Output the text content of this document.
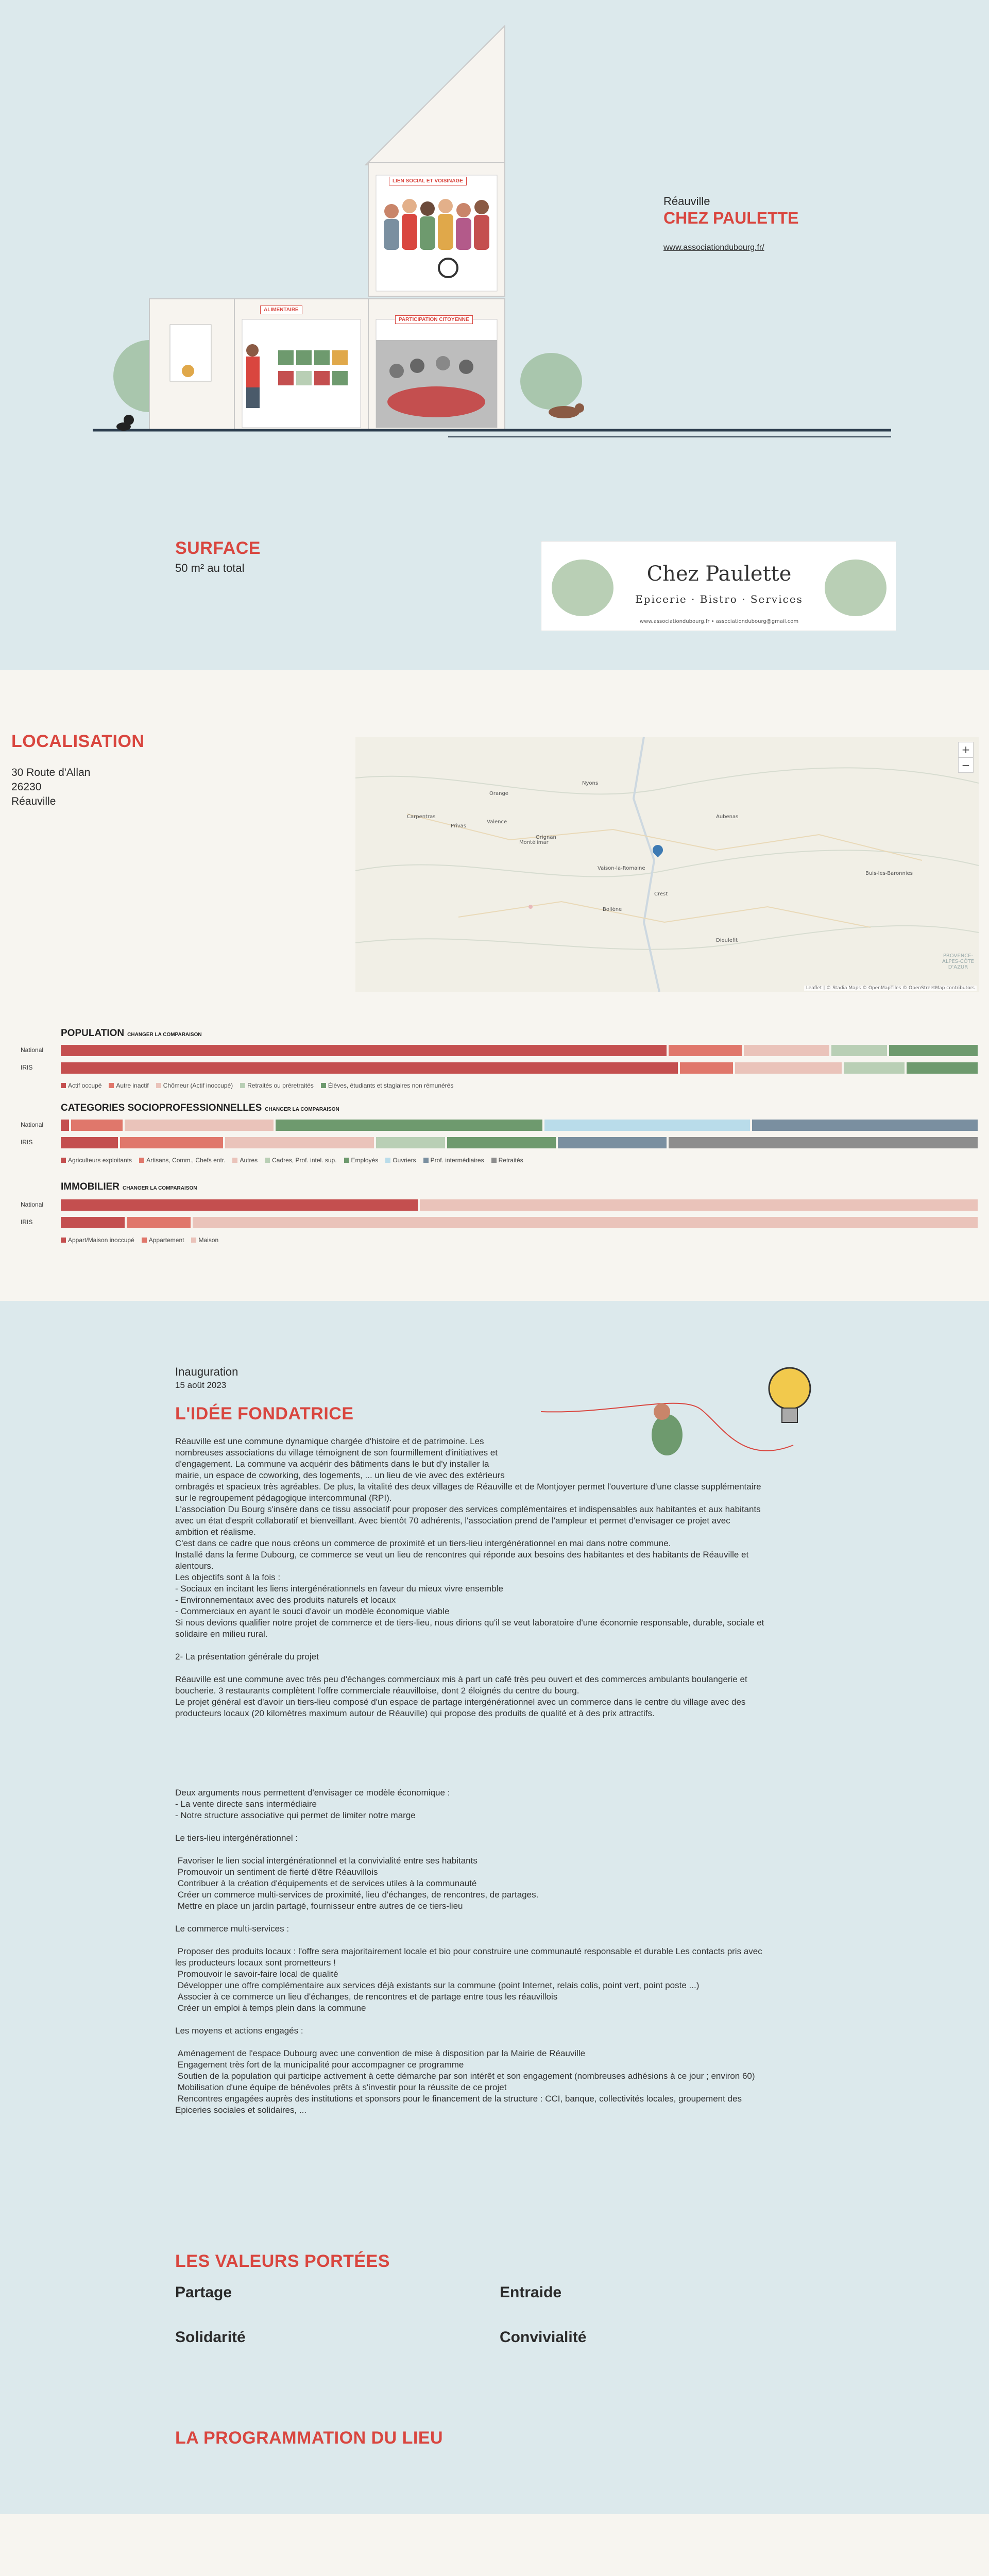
LIEN SOCIAL ET VOISINAGE
ALIMENTAIRE
PARTICIPATION CITOYENNE
Réauville
CHEZ PAULETTE
www.associationdubourg.fr/
SURFACE
50 m² au total	Chez Paulette
Epicerie · Bistro · Services
www.associationdubourg.fr • associationdubourg@gmail.com
LOCALISATION
30 Route d'Allan
26230
Réauville
PROVENCE-ALPES-CÔTE D'AZUR
+
−
Leaflet | © Stadia Maps © OpenMapTiles © OpenStreetMap contributors
Privas
Valence
Montélimar
Grignan
Nyons
Orange
Carpentras	Aubenas
Bollène
Vaison-la-Romaine
Crest
Dieulefit
Buis-les-Baronnies
POPULATION CHANGER LA COMPARAISON
National
IRIS
Actif occupé	Autre inactif	Chômeur (Actif inoccupé)	Retraités ou préretraités	Élèves, étudiants et stagiaires non rémunérés
CATEGORIES SOCIOPROFESSIONNELLES CHANGER LA COMPARAISON
National
IRIS
Agriculteurs exploitants	Artisans, Comm., Chefs entr.	Autres	Cadres, Prof. intel. sup.	Employés	Ouvriers	Prof. intermédiaires	Retraités
IMMOBILIER CHANGER LA COMPARAISON
National
IRIS
Appart/Maison inoccupé	Appartement	Maison
Inauguration
15 août 2023
L'IDÉE FONDATRICE

Réauville est une commune dynamique chargée d'histoire et de patrimoine. Les

nombreuses associations du village témoignent de son fourmillement d'initiatives et

d'engagement. La commune va acquérir des bâtiments dans le but d'y installer la

mairie, un espace de coworking, des logements, ... un lieu de vie avec des extérieurs

ombragés et spacieux très agréables. De plus, la vitalité des deux villages de Réauville et de Montjoyer permet l'ouverture d'une classe supplémentaire

sur le regroupement pédagogique intercommunal (RPI).

L'association Du Bourg s'insère dans ce tissu associatif pour proposer des services complémentaires et indispensables aux habitantes et aux habitants

avec un état d'esprit collaboratif et bienveillant. Avec bientôt 70 adhérents, l'association prend de l'ampleur et permet d'envisager ce projet avec

ambition et réalisme.

C'est dans ce cadre que nous créons un commerce de proximité et un tiers-lieu intergénérationnel en mai dans notre commune.

Installé dans la ferme Dubourg, ce commerce se veut un lieu de rencontres qui réponde aux besoins des habitantes et des habitants de Réauville et

alentours.

Les objectifs sont à la fois :

- Sociaux en incitant les liens intergénérationnels en faveur du mieux vivre ensemble

- Environnementaux avec des produits naturels et locaux

- Commerciaux en ayant le souci d'avoir un modèle économique viable

Si nous devions qualifier notre projet de commerce et de tiers-lieu, nous dirions qu'il se veut laboratoire d'une économie responsable, durable, sociale et

solidaire en milieu rural.

2- La présentation générale du projet

Réauville est une commune avec très peu d'échanges commerciaux mis à part un café très peu ouvert et des commerces ambulants boulangerie et

boucherie. 3 restaurants complètent l'offre commerciale réauvilloise, dont 2 éloignés du centre du bourg.

Le projet général est d'avoir un tiers-lieu composé d'un espace de partage intergénérationnel avec un commerce dans le centre du village avec des

producteurs locaux (20 kilomètres maximum autour de Réauville) qui propose des produits de qualité et à des prix attractifs.

Deux arguments nous permettent d'envisager ce modèle économique :

- La vente directe sans intermédiaire

- Notre structure associative qui permet de limiter notre marge

Le tiers-lieu intergénérationnel :

Favoriser le lien social intergénérationnel et la convivialité entre ses habitants

Promouvoir un sentiment de fierté d'être Réauvillois

Contribuer à la création d'équipements et de services utiles à la communauté

Créer un commerce multi-services de proximité, lieu d'échanges, de rencontres, de partages.

Mettre en place un jardin partagé, fournisseur entre autres de ce tiers-lieu

Le commerce multi-services :

Proposer des produits locaux : l'offre sera majoritairement locale et bio pour construire une communauté responsable et durable Les contacts pris avec

les producteurs locaux sont prometteurs !

Promouvoir le savoir-faire local de qualité

Développer une offre complémentaire aux services déjà existants sur la commune (point Internet, relais colis, point vert, point poste ...)

Associer à ce commerce un lieu d'échanges, de rencontres et de partage entre tous les réauvillois

Créer un emploi à temps plein dans la commune

Les moyens et actions engagés :

Aménagement de l'espace Dubourg avec une convention de mise à disposition par la Mairie de Réauville

Engagement très fort de la municipalité pour accompagner ce programme

Soutien de la population qui participe activement à cette démarche par son intérêt et son engagement (nombreuses adhésions à ce jour ; environ 60)

Mobilisation d'une équipe de bénévoles prêts à s'investir pour la réussite de ce projet

Rencontres engagées auprès des institutions et sponsors pour le financement de la structure : CCI, banque, collectivités locales, groupement des

Epiceries sociales et solidaires, ...

LES VALEURS PORTÉES
Partage	Entraide
Solidarité	Convivialité
LA PROGRAMMATION DU LIEU
